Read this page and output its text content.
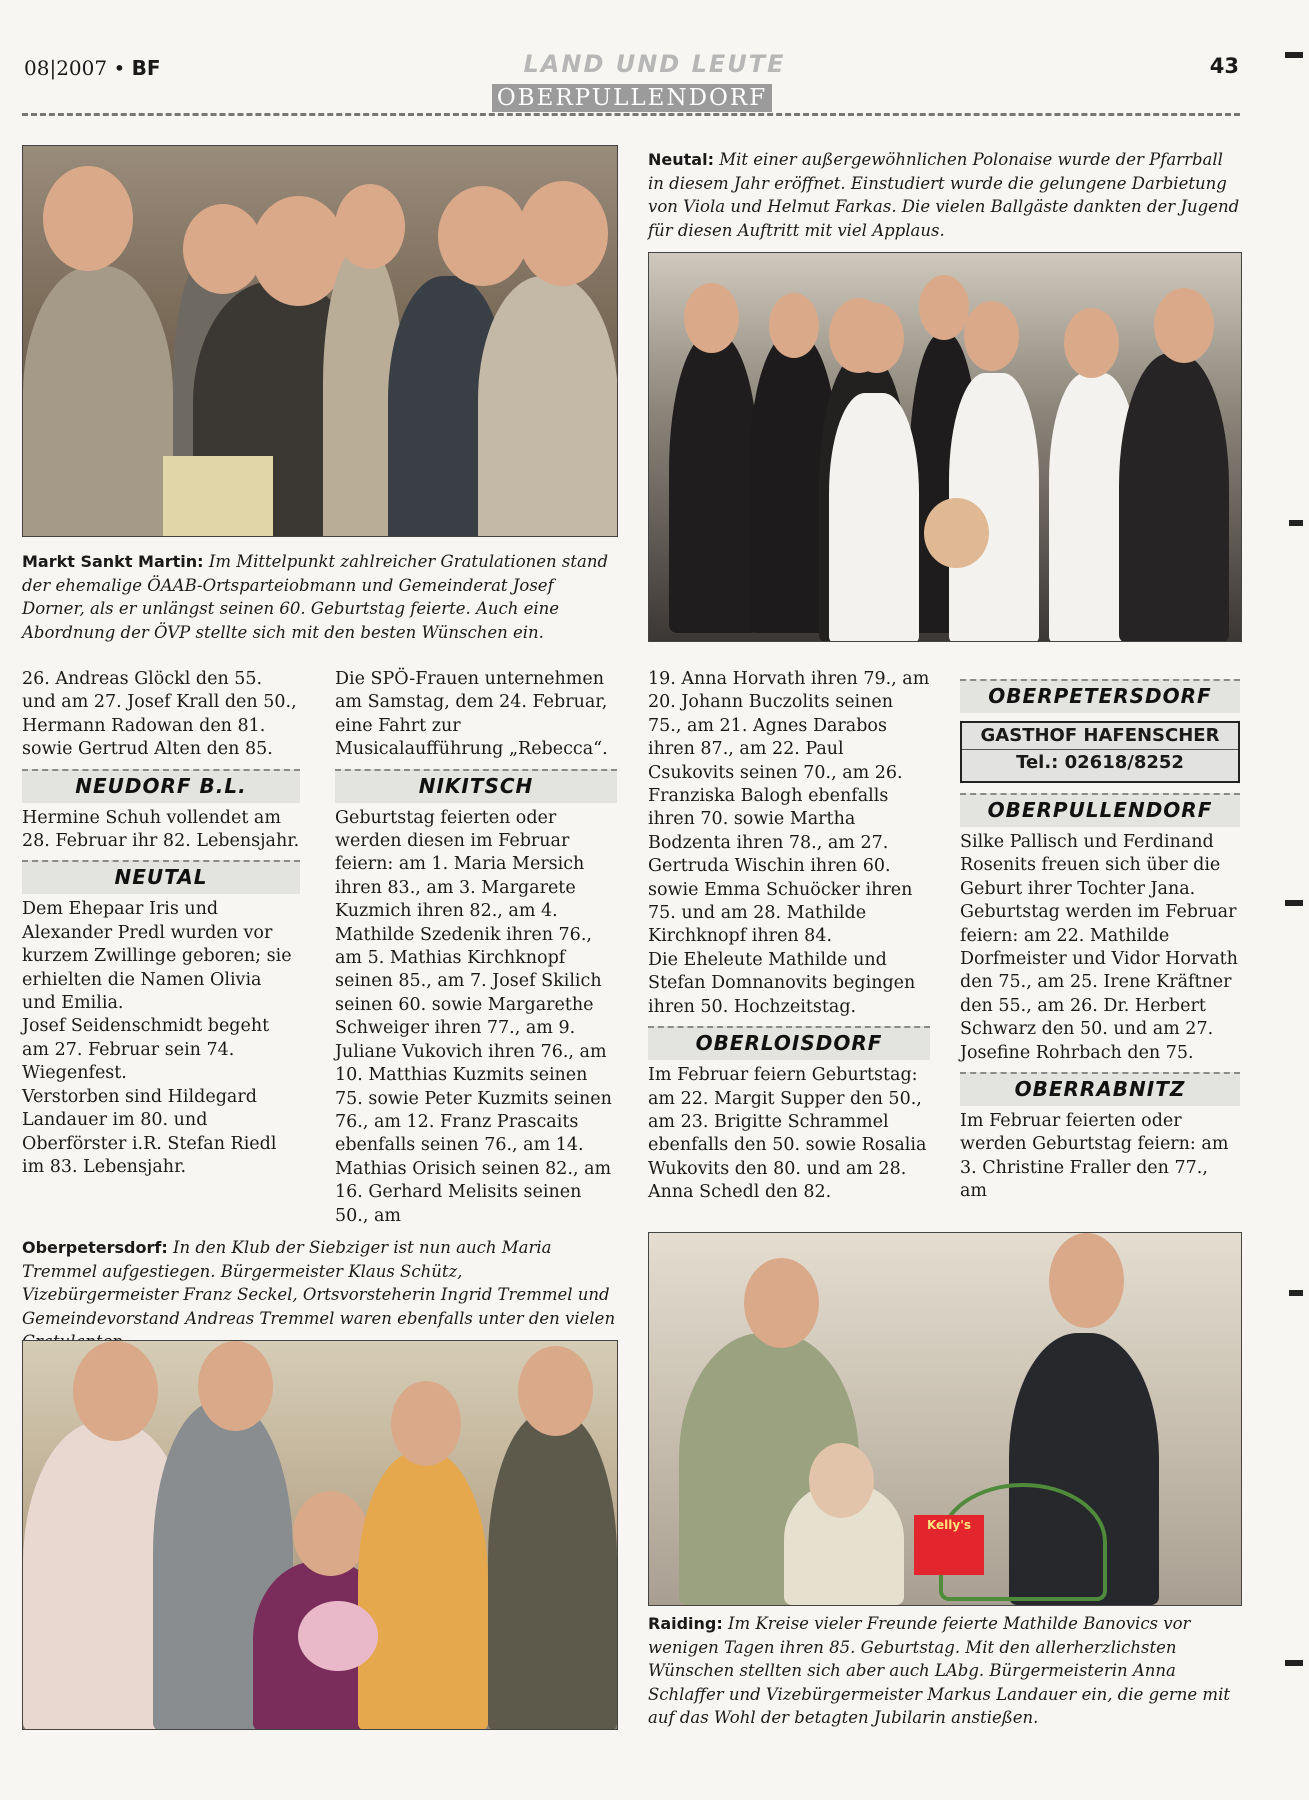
08|2007 • BF	LAND UND LEUTE	43
OBERPULLENDORF
Markt Sankt Martin: Im Mittelpunkt zahlreicher Gratulationen stand der ehemalige ÖAAB-Ortsparteiobmann und Gemeinderat Josef Dorner, als er unlängst seinen 60. Geburtstag feierte. Auch eine Abordnung der ÖVP stellte sich mit den besten Wünschen ein.
Neutal: Mit einer außergewöhnlichen Polonaise wurde der Pfarrball in diesem Jahr eröffnet. Einstudiert wurde die gelungene Darbietung von Viola und Helmut Farkas. Die vielen Ballgäste dankten der Jugend für diesen Auftritt mit viel Applaus.

26. Andreas Glöckl den 55. und am 27. Josef Krall den 50., Hermann Radowan den 81. sowie Gertrud Alten den 85.

NEUDORF B.L.

Hermine Schuh vollendet am 28. Februar ihr 82. Lebensjahr.

NEUTAL

Dem Ehepaar Iris und Alexander Predl wurden vor kurzem Zwillinge geboren; sie erhielten die Namen Olivia und Emilia.

Josef Seidenschmidt begeht am 27. Februar sein 74. Wiegenfest.

Verstorben sind Hildegard Landauer im 80. und Oberförster i.R. Stefan Riedl im 83. Lebensjahr.

Die SPÖ-Frauen unternehmen am Samstag, dem 24. Februar, eine Fahrt zur Musicalaufführung „Rebecca“.

NIKITSCH

Geburtstag feierten oder werden diesen im Februar feiern: am 1. Maria Mersich ihren 83., am 3. Margarete Kuzmich ihren 82., am 4. Mathilde Szedenik ihren 76., am 5. Mathias Kirchknopf seinen 85., am 7. Josef Skilich seinen 60. sowie Margarethe Schweiger ihren 77., am 9. Juliane Vukovich ihren 76., am 10. Matthias Kuzmits seinen 75. sowie Peter Kuzmits seinen 76., am 12. Franz Prascaits ebenfalls seinen 76., am 14. Mathias Orisich seinen 82., am 16. Gerhard Melisits seinen 50., am

19. Anna Horvath ihren 79., am 20. Johann Buczolits seinen 75., am 21. Agnes Darabos ihren 87., am 22. Paul Csukovits seinen 70., am 26. Franziska Balogh ebenfalls ihren 70. sowie Martha Bodzenta ihren 78., am 27. Gertruda Wischin ihren 60. sowie Emma Schuöcker ihren 75. und am 28. Mathilde Kirchknopf ihren 84.

Die Eheleute Mathilde und Stefan Domnanovits begingen ihren 50. Hochzeitstag.

OBERLOISDORF

Im Februar feiern Geburtstag: am 22. Margit Supper den 50., am 23. Brigitte Schrammel ebenfalls den 50. sowie Rosalia Wukovits den 80. und am 28. Anna Schedl den 82.

OBERPETERSDORF
GASTHOF HAFENSCHER
Tel.: 02618/8252
OBERPULLENDORF

Silke Pallisch und Ferdinand Rosenits freuen sich über die Geburt ihrer Tochter Jana. Geburtstag werden im Februar feiern: am 22. Mathilde Dorfmeister und Vidor Horvath den 75., am 25. Irene Kräftner den 55., am 26. Dr. Herbert Schwarz den 50. und am 27. Josefine Rohrbach den 75.

OBERRABNITZ

Im Februar feierten oder werden Geburtstag feiern: am 3. Christine Fraller den 77., am

Oberpetersdorf: In den Klub der Siebziger ist nun auch Maria Tremmel aufgestiegen. Bürgermeister Klaus Schütz, Vizebürgermeister Franz Seckel, Ortsvorsteherin Ingrid Tremmel und Gemeindevorstand Andreas Tremmel waren ebenfalls unter den vielen
Kelly's
Raiding: Im Kreise vieler Freunde feierte Mathilde Banovics vor wenigen Tagen ihren 85. Geburtstag. Mit den allerherzlichsten Wünschen stellten sich aber auch LAbg. Bürgermeisterin Anna Schlaffer und Vizebürgermeister Markus Landauer ein, die gerne mit auf das Wohl der betagten Jubilarin anstießen.
